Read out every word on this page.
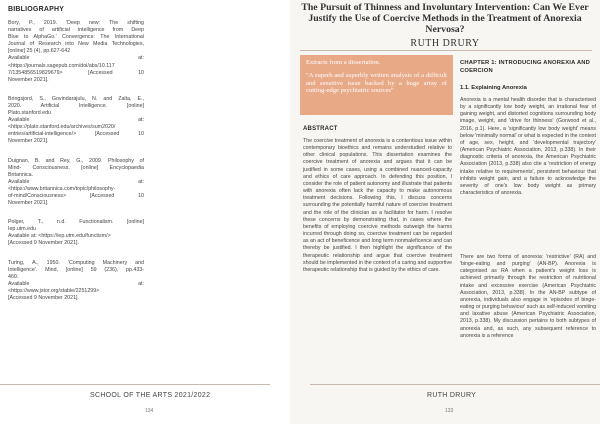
BIBLIOGRAPHY

Bory, P., 2019. 'Deep new: The shifting

narratives of artificial intelligence from Deep

Blue to AlphaGo.' Convergence: The International

Journal of Research into New Media Technologies,

[online] 25 (4), pp.627-642

Available at:

<https://journals.sagepub.com/doi/abs/10.117

7/1354856519829679> [Accessed 10

November 2021].

Bringsjord, S., Govindarajulu, N. and Zalta, E.,

2020. Artificial Intelligence. [online]

Plato.stanford.edu

Available at:

<https://plato.stanford.edu/archives/sum2020/

entries/artificial-intelligence/> [Accessed 10

November 2021].

Duignan, B. and Rey, G., 2009. Philosophy of

Mind- Consciousness. [online] Encyclopaedia

Britannica.

Available at:

<https://www.britannica.com/topic/philosophy-

of-mind/Consciousness> [Accessed 10

November 2021].

Polger, T., n.d. Functionalism. [online]

Iep.utm.edu

Available at: <https://iep.utm.edu/functism/>

[Accessed 9 November 2021].

Turing, A., 1950. 'Computing Machinery and

Intelligence'. Mind, [online] 59 (236), pp.433-

460.

Available at:

<https://www.jstor.org/stable/2251299>

[Accessed 9 November 2021].

SCHOOL OF THE ARTS 2021/2022
134
The Pursuit of Thinness and Involuntary Intervention: Can We Ever Justify the Use of Coercive Methods in the Treatment of Anorexia Nervosa?
RUTH DRURY

Extracts from a dissertation.

"A superb and superbly written analysis of a difficult and sensitive issue backed by a huge array of cutting-edge psychiatric sources"

ABSTRACT

The coercive treatment of anorexia is a contentious issue within contemporary bioethics and remains understudied relative to other clinical populations. This dissertation examines the coercive treatment of anorexia and argues that it can be justified in some cases, using a combined nuanced-capacity and ethics of care approach. In defending this position, I consider the role of patient autonomy and illustrate that patients with anorexia often lack the capacity to make autonomous treatment decisions. Following this, I discuss concerns surrounding the potentially harmful nature of coercive treatment and the role of the clinician as a facilitator for harm. I resolve these concerns by demonstrating that, in cases where the benefits of employing coercive methods outweigh the harms incurred through doing so, coercive treatment can be regarded as an act of beneficence and long term nonmaleficence and can thereby be justified. I then highlight the significance of the therapeutic relationship and argue that coercive treatment should be implemented in the context of a caring and supportive therapeutic relationship that is guided by the ethics of care.

CHAPTER 1: INTRODUCING ANOREXIA AND COERCION
1.1. Explaining Anorexia

Anorexia is a mental health disorder that is characterised by a significantly low body weight, an irrational fear of gaining weight, and distorted cognitions surrounding body image, weight, and 'drive for thinness' (Gorwood et al., 2016, p.1). Here, a 'significantly low body weight' means below 'minimally normal' or what is expected in the context of age, sex, height, and 'developmental trajectory' (American Psychiatric Association, 2013, p.338). In their diagnostic criteria of anorexia, the American Psychiatric Association (2013, p.338) also cite a 'restriction of energy intake relative to requirements', persistent behaviour that inhibits weight gain, and a failure to acknowledge the severity of one's low body weight as primary characteristics of anorexia.

There are two forms of anorexia: 'restrictive' (RA) and 'binge-eating and purging' (AN-BP). Anorexia is categorised as RA when a patient's weight loss is achieved primarily through the restriction of nutritional intake and excessive exercise (American Psychiatric Association, 2013, p.338). In the AN-BP subtype of anorexia, individuals also engage in 'episodes of binge-eating or purging behaviour' such as self-induced vomiting and laxative abuse (American Psychiatric Association, 2013, p.338). My discussion pertains to both subtypes of anorexia and, as such, any subsequent reference to anorexia is a reference

RUTH DRURY
133
